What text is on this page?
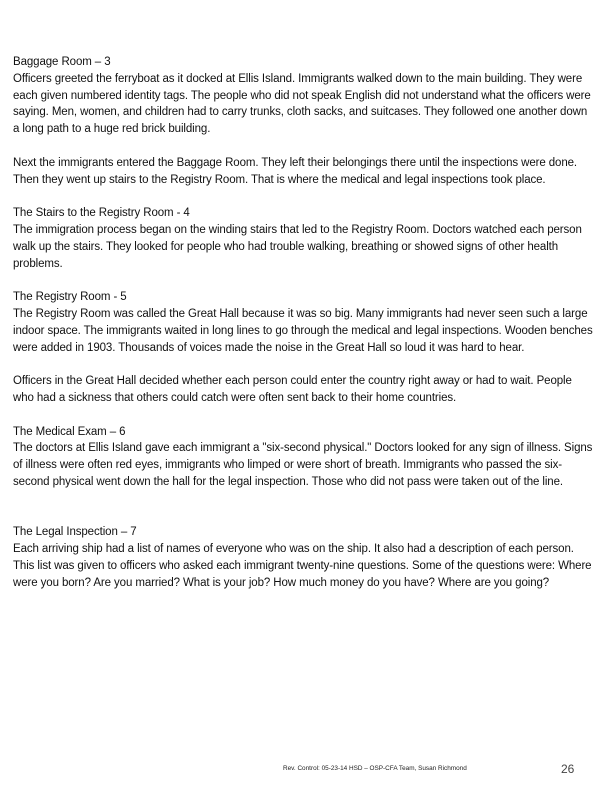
Baggage Room – 3

Officers greeted the ferryboat as it docked at Ellis Island. Immigrants walked down to the main building. They were each given numbered identity tags. The people who did not speak English did not understand what the officers were saying. Men, women, and children had to carry trunks, cloth sacks, and suitcases. They followed one another down a long path to a huge red brick building.

Next the immigrants entered the Baggage Room. They left their belongings there until the inspections were done. Then they went up stairs to the Registry Room. That is where the medical and legal inspections took place.

The Stairs to the Registry Room - 4

The immigration process began on the winding stairs that led to the Registry Room. Doctors watched each person walk up the stairs. They looked for people who had trouble walking, breathing or showed signs of other health problems.

The Registry Room - 5

The Registry Room was called the Great Hall because it was so big. Many immigrants had never seen such a large indoor space. The immigrants waited in long lines to go through the medical and legal inspections. Wooden benches were added in 1903. Thousands of voices made the noise in the Great Hall so loud it was hard to hear.

Officers in the Great Hall decided whether each person could enter the country right away or had to wait. People who had a sickness that others could catch were often sent back to their home countries.

The Medical Exam – 6

The doctors at Ellis Island gave each immigrant a "six-second physical." Doctors looked for any sign of illness. Signs of illness were often red eyes, immigrants who limped or were short of breath. Immigrants who passed the six-second physical went down the hall for the legal inspection. Those who did not pass were taken out of the line.

The Legal Inspection – 7

Each arriving ship had a list of names of everyone who was on the ship. It also had a description of each person. This list was given to officers who asked each immigrant twenty-nine questions. Some of the questions were: Where were you born? Are you married? What is your job? How much money do you have? Where are you going?

Rev. Control: 05-23-14 HSD – OSP-CFA Team, Susan Richmond	26
